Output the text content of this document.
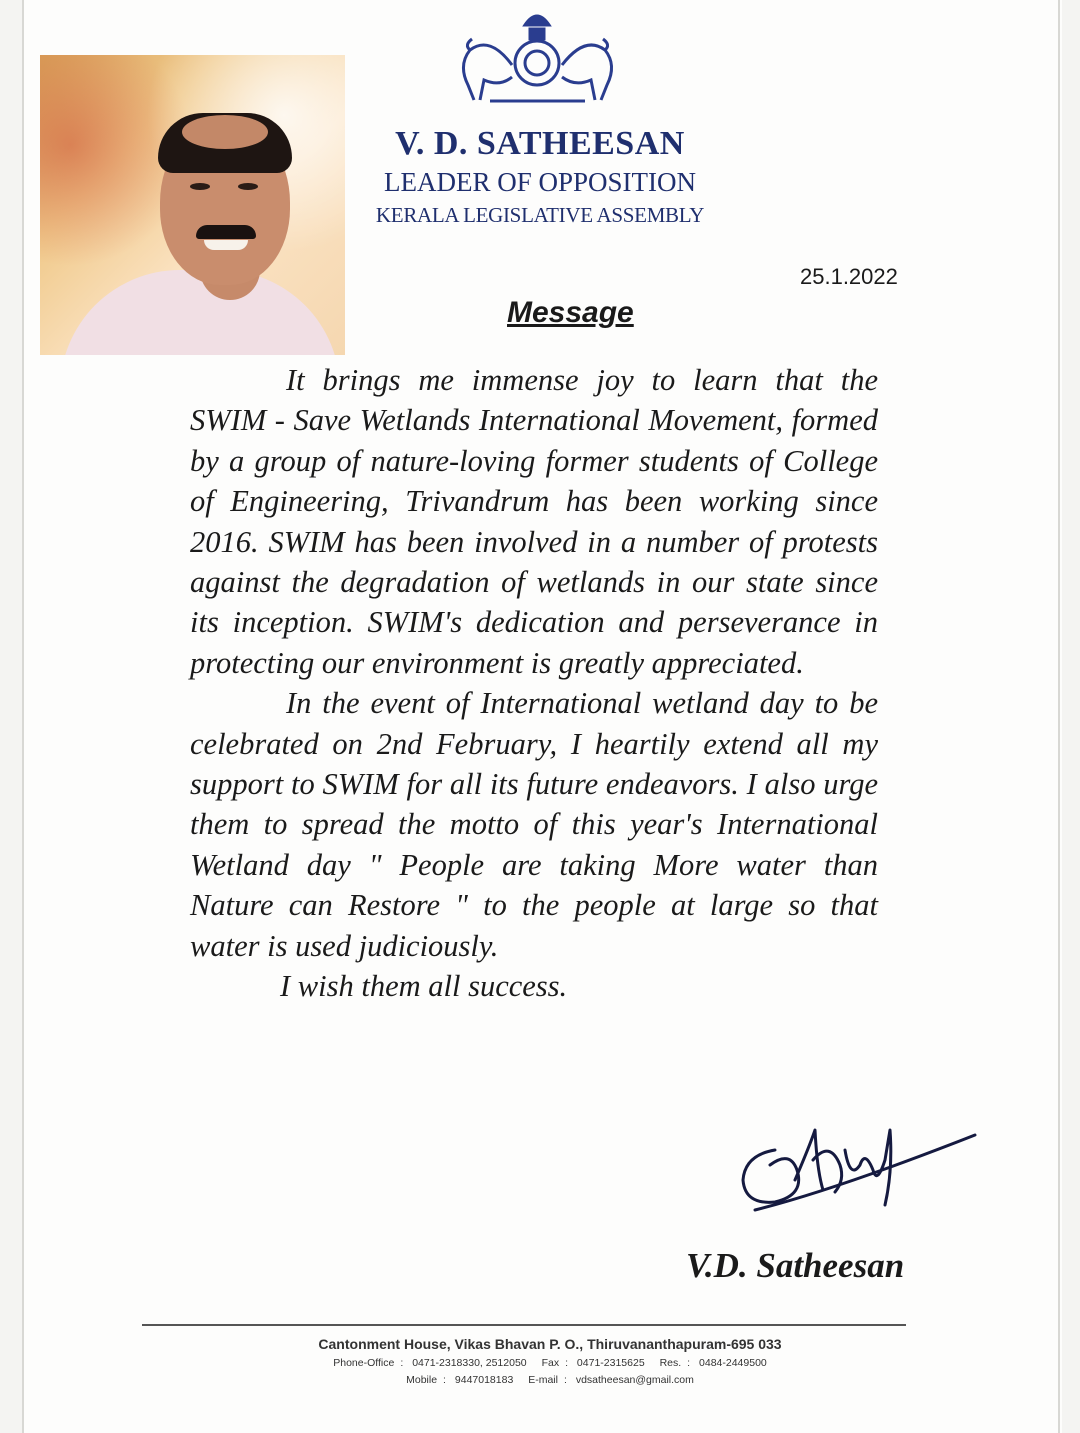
V. D. SATHEESAN
LEADER OF OPPOSITION
KERALA LEGISLATIVE ASSEMBLY
25.1.2022
Message

It brings me immense joy to learn that the SWIM - Save Wetlands International Movement, formed by a group of nature-loving former students of College of Engineering, Trivandrum has been working since 2016. SWIM has been involved in a number of protests against the degradation of wetlands in our state since its inception. SWIM's dedication and perseverance in protecting our environment is greatly appreciated.

In the event of International wetland day to be celebrated on 2nd February, I heartily extend all my support to SWIM for all its future endeavors. I also urge them to spread the motto of this year's International Wetland day " People are taking More water than Nature can Restore " to the people at large so that water is used judiciously.

I wish them all success.

V.D. Satheesan
Cantonment House, Vikas Bhavan P. O., Thiruvananthapuram-695 033
Phone-Office : 0471-2318330, 2512050 Fax : 0471-2315625 Res. : 0484-2449500
Mobile : 9447018183 E-mail : vdsatheesan@gmail.com
